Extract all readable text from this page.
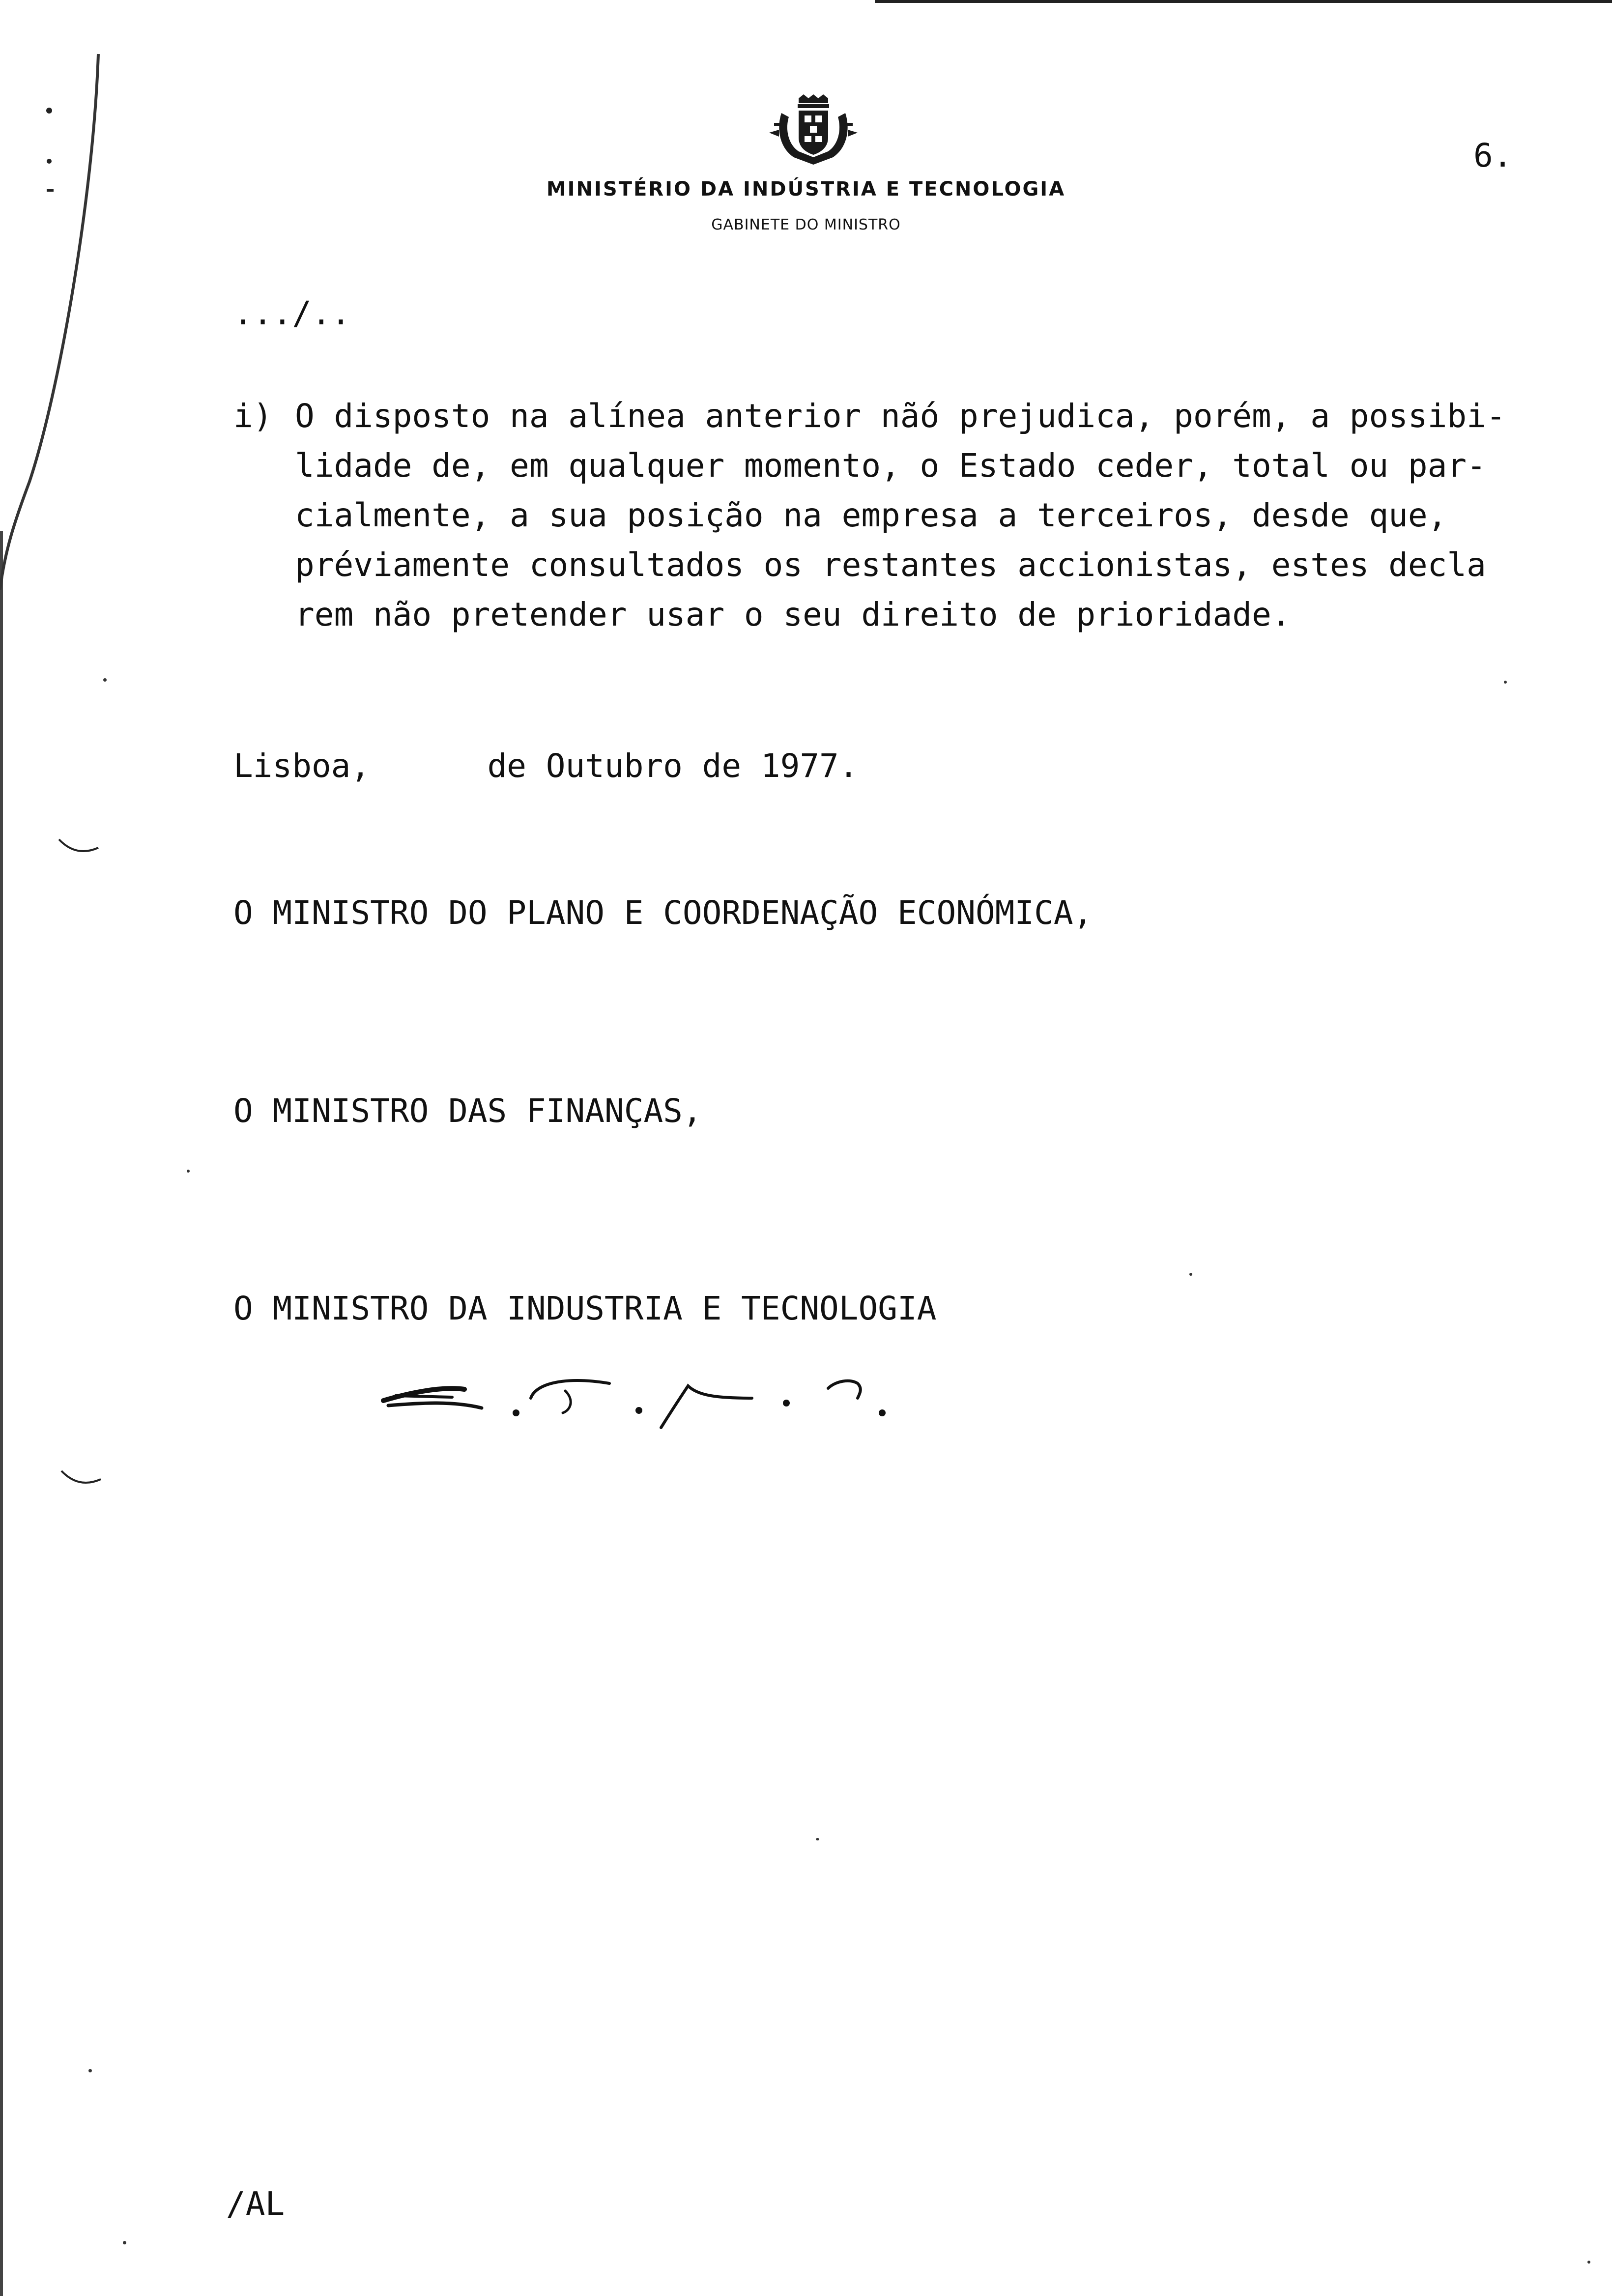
6.
MINISTÉRIO DA INDÚSTRIA E TECNOLOGIA
GABINETE DO MINISTRO
.../..
i) O disposto na alínea anterior nãó prejudica, porém, a possibi-
lidade de, em qualquer momento, o Estado ceder, total ou par-
cialmente, a sua posição na empresa a terceiros, desde que,
préviamente consultados os restantes accionistas, estes decla
rem não pretender usar o seu direito de prioridade.
Lisboa,      de Outubro de 1977.
O MINISTRO DO PLANO E COORDENAÇÃO ECONÓMICA,
O MINISTRO DAS FINANÇAS,
O MINISTRO DA INDUSTRIA E TECNOLOGIA
/AL
